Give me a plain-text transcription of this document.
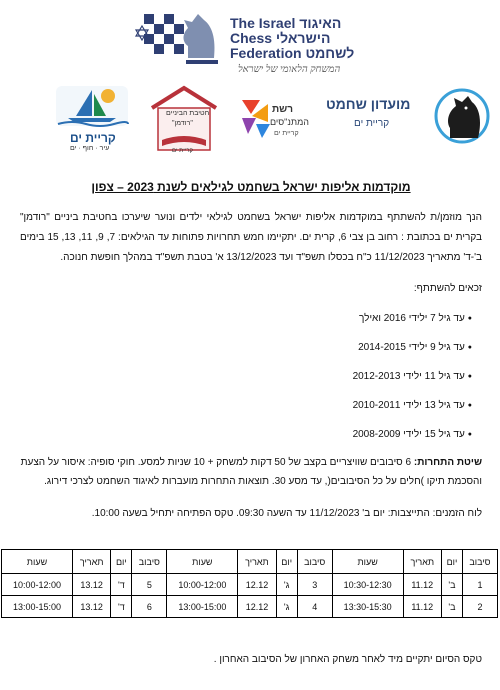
The Israel האיגוד
Chess הישראלי
Federation לשחמט
המשחק הלאומי של ישראל
קריית ים
עיר · חוף · ים
חטיבת הביניים
"רודמן"
קריית ים
רשת
המתנ"סים
קריית ים
מועדון שחמט
קריית ים
מוקדמות אליפות ישראל בשחמט לגילאים לשנת 2023 – צפון
הנך מוזמן/ת להשתתף במוקדמות אליפות ישראל בשחמט לגילאי ילדים ונוער שיערכו בחטיבת ביניים "רודמן" בקרית ים בכתובת : רחוב בן צבי 6, קרית ים. יתקיימו חמש תחרויות פתוחות עד הגילאים: 7, 9, 11, 13, 15 בימים ב'-ד' מתאריך 11/12/2023 כ"ח בכסלו תשפ"ד ועד 13/12/2023 א' בטבת תשפ"ד במהלך חופשת חנוכה.
זכאים להשתתף:
● עד גיל 7 ילידי 2016 ואילך
● עד גיל 9 ילידי 2014-2015
● עד גיל 11 ילידי 2012-2013
● עד גיל 13 ילידי 2010-2011
● עד גיל 15 ילידי 2008-2009
שיטת התחרות: 6 סיבובים שוויצריים בקצב של 50 דקות למשחק + 10 שניות למסע. חוקי סופיה: איסור על הצעת והסכמת תיקו )חלים על כל הסיבובים(, עד מסע 30. תוצאות התחרות מועברות לאיגוד השחמט לצרכי דירוג.
לוח הזמנים: התייצבות: יום ב' 11/12/2023 עד השעה 09:30. טקס הפתיחה יתחיל בשעה 10:00.
סיבוב	יום	תאריך	שעות	סיבוב	יום	תאריך	שעות	סיבוב	יום	תאריך	שעות
1	ב'	11.12	10:30-12:30	3	ג'	12.12	10:00-12:00	5	ד'	13.12	10:00-12:00
2	ב'	11.12	13:30-15:30	4	ג'	12.12	13:00-15:00	6	ד'	13.12	13:00-15:00
טקס הסיום יתקיים מיד לאחר משחק האחרון של הסיבוב האחרון .
